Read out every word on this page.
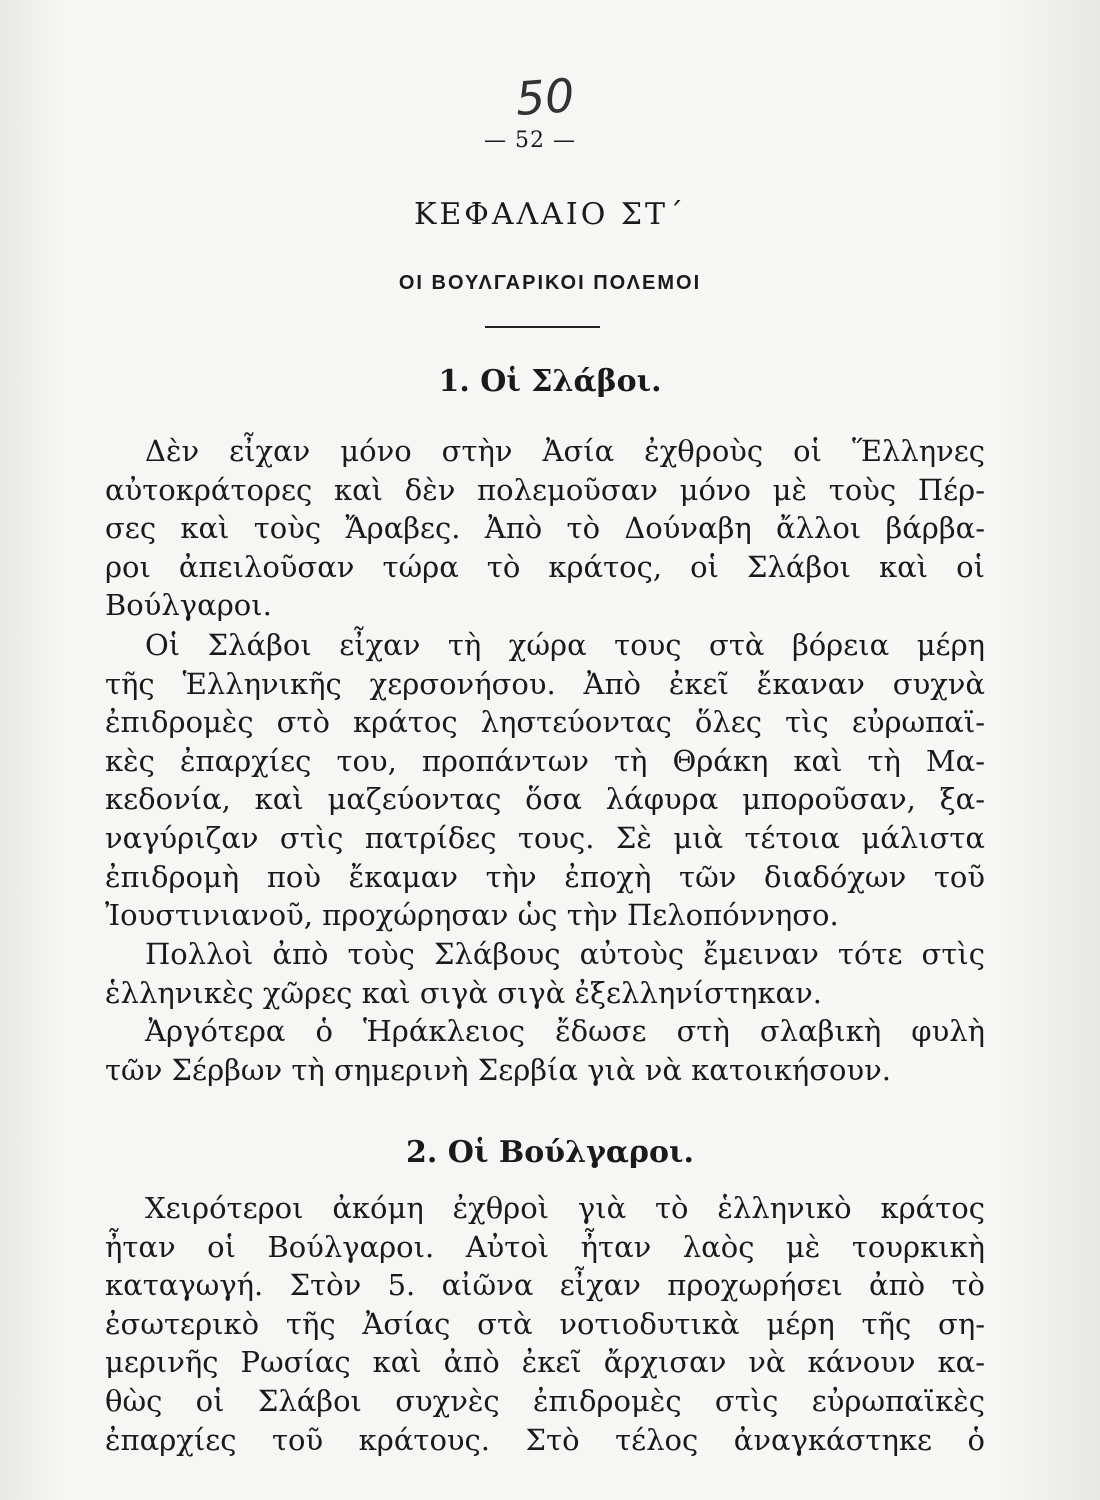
50
— 52 —
ΚΕΦΑΛΑΙΟ ΣΤ΄
ΟΙ ΒΟΥΛΓΑΡΙΚΟΙ ΠΟΛΕΜΟΙ
1. Οἱ Σλάβοι.
Δὲν εἶχαν μόνο στὴν Ἀσία ἐχθροὺς οἱ Ἕλληνες
αὐτοκράτορες καὶ δὲν πολεμοῦσαν μόνο μὲ τοὺς Πέρ-
σες καὶ τοὺς Ἄραβες. Ἀπὸ τὸ Δούναβη ἄλλοι βάρβα-
ροι ἀπειλοῦσαν τώρα τὸ κράτος, οἱ Σλάβοι καὶ οἱ
Βούλγαροι.
Οἱ Σλάβοι εἶχαν τὴ χώρα τους στὰ βόρεια μέρη
τῆς Ἑλληνικῆς χερσονήσου. Ἀπὸ ἐκεῖ ἔκαναν συχνὰ
ἐπιδρομὲς στὸ κράτος ληστεύοντας ὅλες τὶς εὐρωπαϊ-
κὲς ἐπαρχίες του, προπάντων τὴ Θράκη καὶ τὴ Μα-
κεδονία, καὶ μαζεύοντας ὅσα λάφυρα μποροῦσαν, ξα-
ναγύριζαν στὶς πατρίδες τους. Σὲ μιὰ τέτοια μάλιστα
ἐπιδρομὴ ποὺ ἔκαμαν τὴν ἐποχὴ τῶν διαδόχων τοῦ
Ἰουστινιανοῦ, προχώρησαν ὡς τὴν Πελοπόννησο.
Πολλοὶ ἀπὸ τοὺς Σλάβους αὐτοὺς ἔμειναν τότε στὶς
ἑλληνικὲς χῶρες καὶ σιγὰ σιγὰ ἐξελληνίστηκαν.
Ἀργότερα ὁ Ἡράκλειος ἔδωσε στὴ σλαβικὴ φυλὴ
τῶν Σέρβων τὴ σημερινὴ Σερβία γιὰ νὰ κατοικήσουν.
2. Οἱ Βούλγαροι.
Χειρότεροι ἀκόμη ἐχθροὶ γιὰ τὸ ἑλληνικὸ κράτος
ἦταν οἱ Βούλγαροι. Αὐτοὶ ἦταν λαὸς μὲ τουρκικὴ
καταγωγή. Στὸν 5. αἰῶνα εἶχαν προχωρήσει ἀπὸ τὸ
ἐσωτερικὸ τῆς Ἀσίας στὰ νοτιοδυτικὰ μέρη τῆς ση-
μερινῆς Ρωσίας καὶ ἀπὸ ἐκεῖ ἄρχισαν νὰ κάνουν κα-
θὼς οἱ Σλάβοι συχνὲς ἐπιδρομὲς στὶς εὐρωπαϊκὲς
ἐπαρχίες τοῦ κράτους. Στὸ τέλος ἀναγκάστηκε ὁ
